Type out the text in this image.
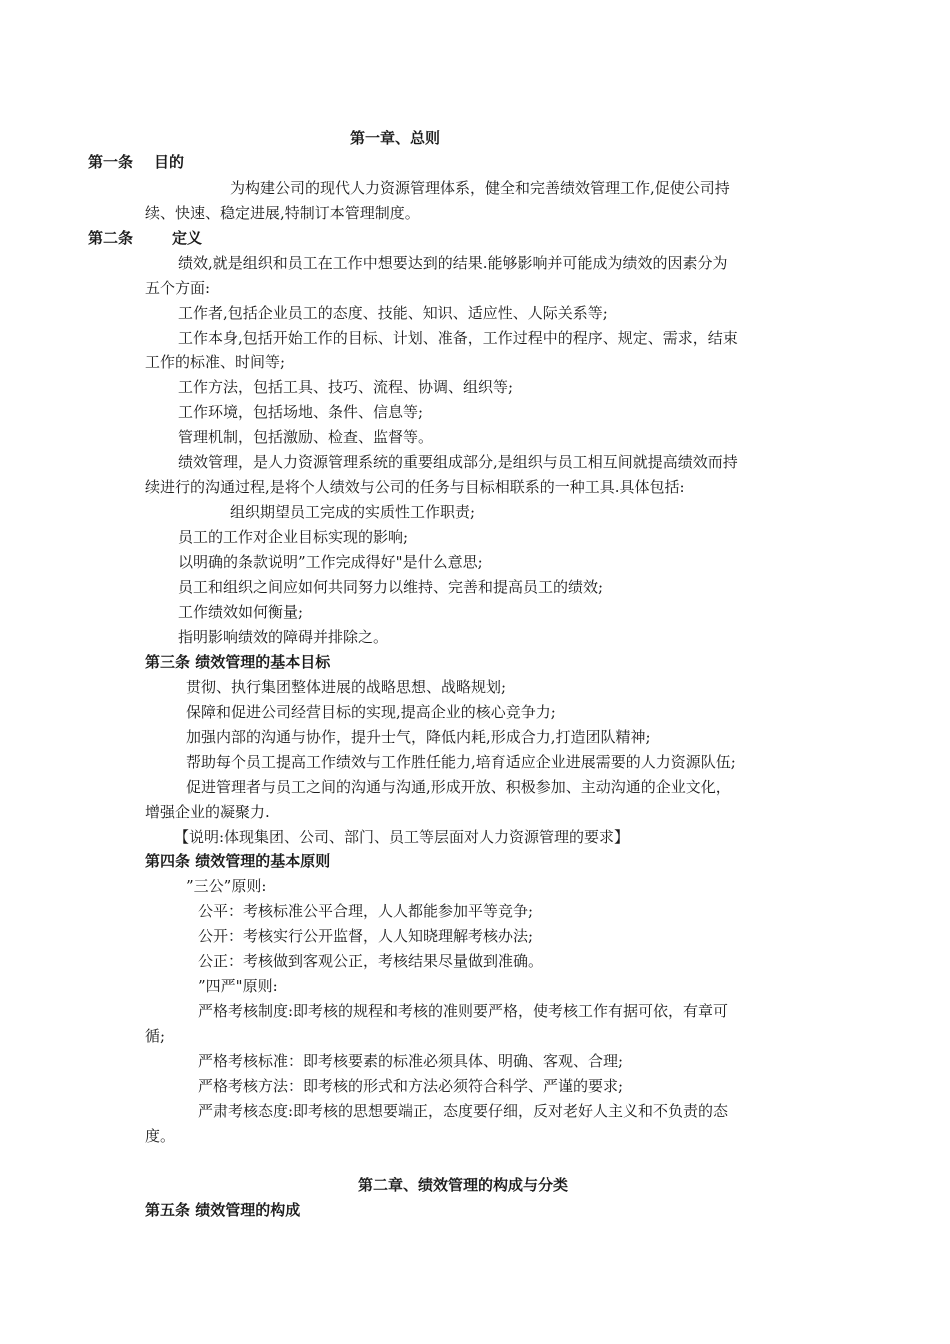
第一章、总则
第一条 目的
为构建公司的现代人力资源管理体系，健全和完善绩效管理工作,促使公司持
续、快速、稳定进展,特制订本管理制度。
第二条	定义
绩效,就是组织和员工在工作中想要达到的结果.能够影响并可能成为绩效的因素分为
五个方面:
工作者,包括企业员工的态度、技能、知识、适应性、人际关系等;
工作本身,包括开始工作的目标、计划、准备，工作过程中的程序、规定、需求，结束
工作的标准、时间等;
工作方法，包括工具、技巧、流程、协调、组织等;
工作环境，包括场地、条件、信息等;
管理机制，包括激励、检查、监督等。
绩效管理，是人力资源管理系统的重要组成部分,是组织与员工相互间就提高绩效而持
续进行的沟通过程,是将个人绩效与公司的任务与目标相联系的一种工具.具体包括:
组织期望员工完成的实质性工作职责;
员工的工作对企业目标实现的影响;
以明确的条款说明”工作完成得好"是什么意思;
员工和组织之间应如何共同努力以维持、完善和提高员工的绩效;
工作绩效如何衡量;
指明影响绩效的障碍并排除之。
第三条 绩效管理的基本目标
贯彻、执行集团整体进展的战略思想、战略规划;
保障和促进公司经营目标的实现,提高企业的核心竞争力;
加强内部的沟通与协作，提升士气，降低内耗,形成合力,打造团队精神;
帮助每个员工提高工作绩效与工作胜任能力,培育适应企业进展需要的人力资源队伍;
促进管理者与员工之间的沟通与沟通,形成开放、积极参加、主动沟通的企业文化，
增强企业的凝聚力.
【说明:体现集团、公司、部门、员工等层面对人力资源管理的要求】
第四条 绩效管理的基本原则
”三公”原则:
公平：考核标准公平合理，人人都能参加平等竞争;
公开：考核实行公开监督，人人知晓理解考核办法;
公正：考核做到客观公正，考核结果尽量做到准确。
”四严"原则:
严格考核制度:即考核的规程和考核的准则要严格，使考核工作有据可依，有章可
循;
严格考核标准：即考核要素的标准必须具体、明确、客观、合理;
严格考核方法：即考核的形式和方法必须符合科学、严谨的要求;
严肃考核态度:即考核的思想要端正，态度要仔细，反对老好人主义和不负责的态
度。
第二章、绩效管理的构成与分类
第五条 绩效管理的构成
